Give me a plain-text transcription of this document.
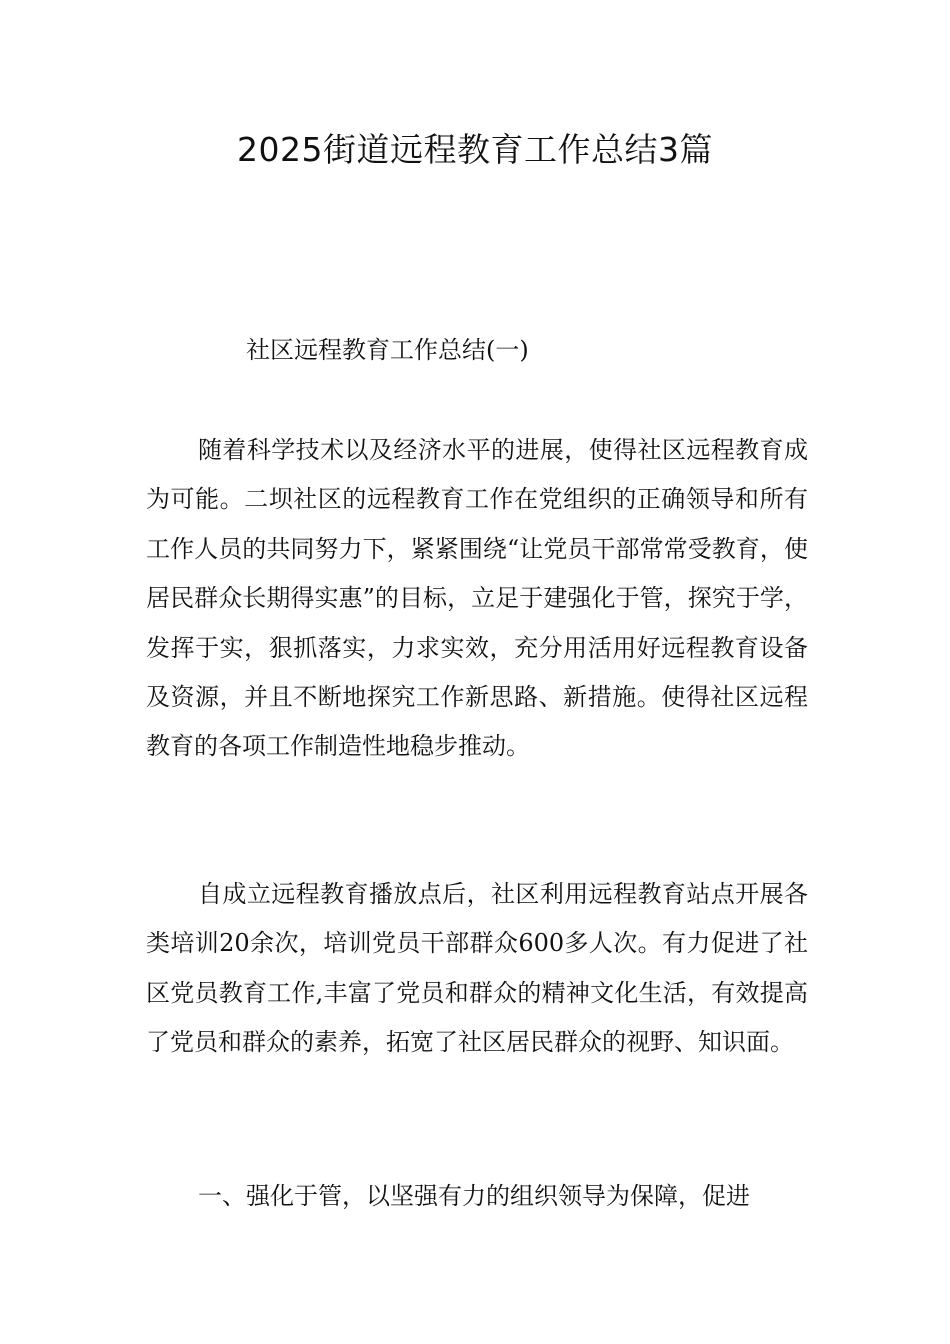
2025街道远程教育工作总结3篇
社区远程教育工作总结(一)

随着科学技术以及经济水平的进展，使得社区远程教育成为可能。二坝社区的远程教育工作在党组织的正确领导和所有工作人员的共同努力下，紧紧围绕“让党员干部常常受教育，使居民群众长期得实惠”的目标，立足于建强化于管，探究于学，发挥于实，狠抓落实，力求实效，充分用活用好远程教育设备及资源，并且不断地探究工作新思路、新措施。使得社区远程教育的各项工作制造性地稳步推动。

自成立远程教育播放点后，社区利用远程教育站点开展各类培训20余次，培训党员干部群众600多人次。有力促进了社区党员教育工作,丰富了党员和群众的精神文化生活，有效提高了党员和群众的素养，拓宽了社区居民群众的视野、知识面。

一、强化于管，以坚强有力的组织领导为保障，促进
